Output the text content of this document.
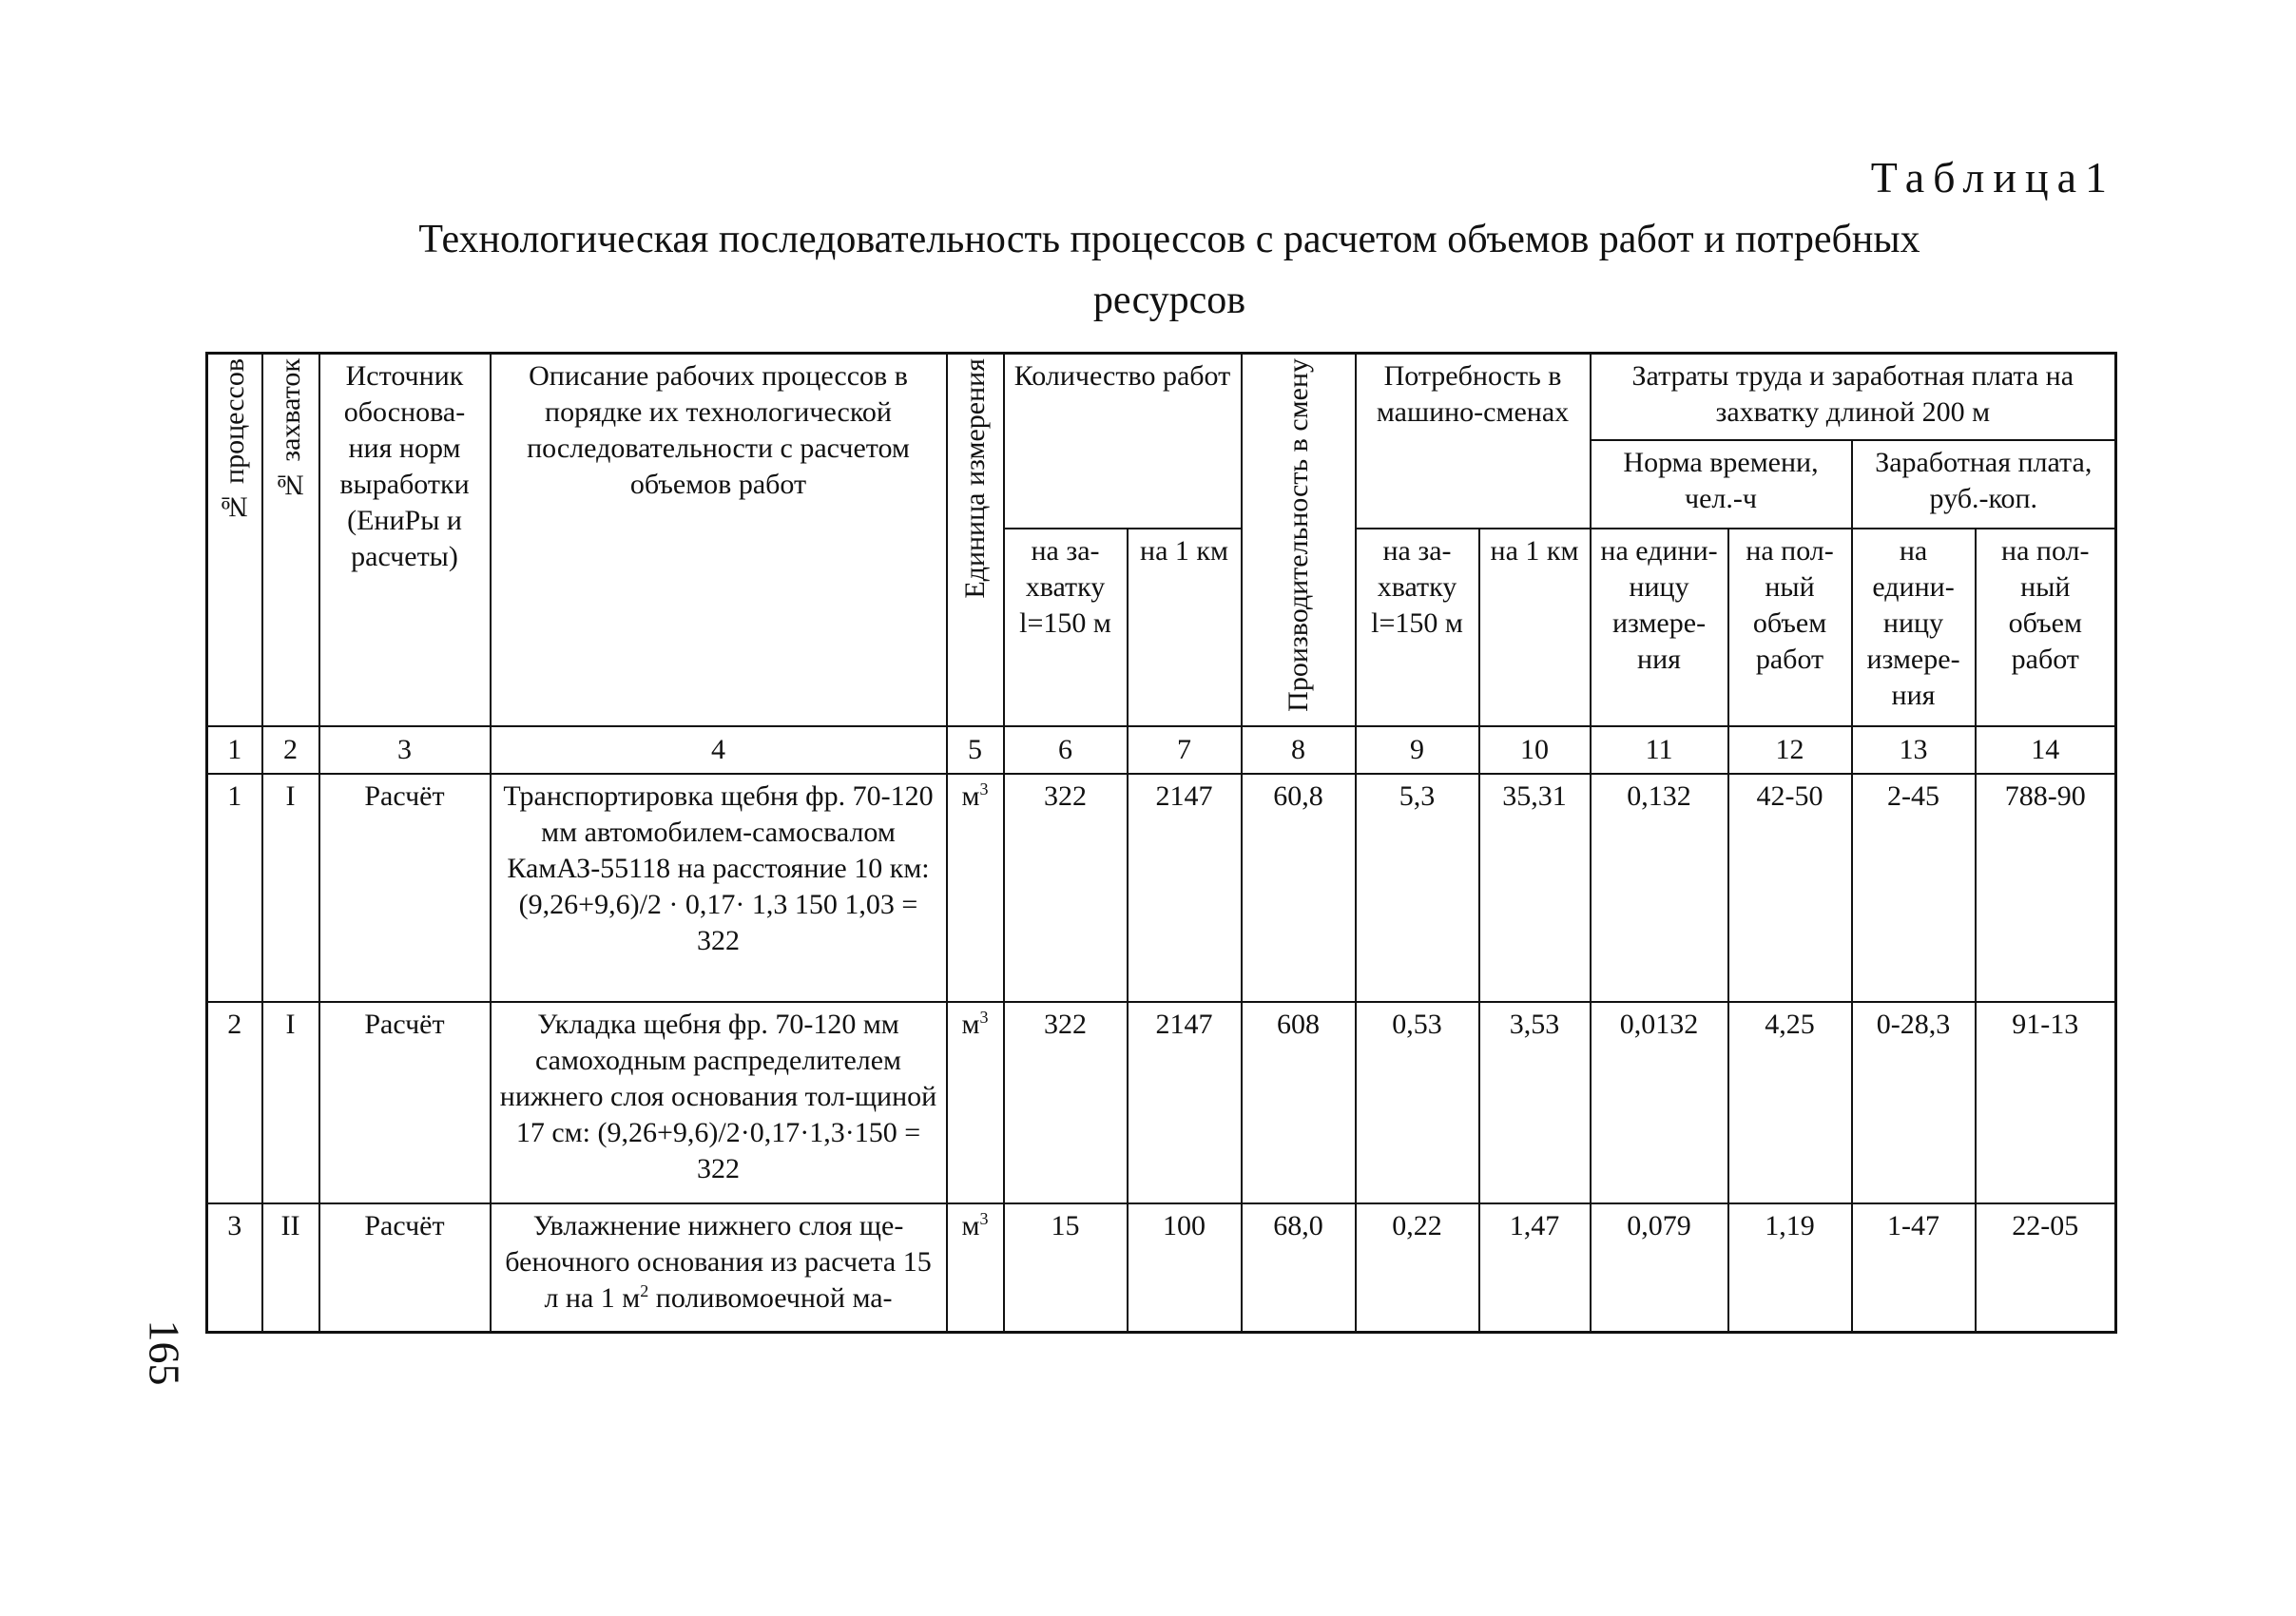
Таблица1
Технологическая последовательность процессов с расчетом объемов работ и потребных
ресурсов
№ процессов	№ захваток	Источник обоснова-ния норм выработки (ЕниРы и расчеты)	Описание рабочих процессов в порядке их технологической последовательности с расчетом объемов работ	Единица измерения	Количество работ		Производительность в смену	Потребность в машино-сменах		Затраты труда и заработная плата на захватку длиной 200 м			
										Норма времени, чел.-ч		Заработная плата, руб.-коп.	
					на за-хватку l=150 м	на 1 км		на за-хватку l=150 м	на 1 км	на едини-ницу измере-ния	на пол-ный объем работ	на едини-ницу измере-ния	на пол-ный объем работ
1	2	3	4	5	6	7	8	9	10	11	12	13	14
1	I	Расчёт	Транспортировка щебня фр. 70-120 мм автомобилем-самосвалом КамАЗ-55118 на расстояние 10 км: (9,26+9,6)/2 · 0,17· 1,3 150 1,03 = 322	$м^3$	322	2147	60,8	5,3	35,31	0,132	42-50	2-45	788-90
2	I	Расчёт	Укладка щебня фр. 70-120 мм самоходным распределителем нижнего слоя основания тол-щиной 17 см: (9,26+9,6)/2·0,17·1,3·150 = 322	$м^3$	322	2147	608	0,53	3,53	0,0132	4,25	0-28,3	91-13
3	II	Расчёт	Увлажнение нижнего слоя ще-беночного основания из расчета 15 л на 1 $м^2$ поливомоечной ма-	$м^3$	15	100	68,0	0,22	1,47	0,079	1,19	1-47	22-05
165
